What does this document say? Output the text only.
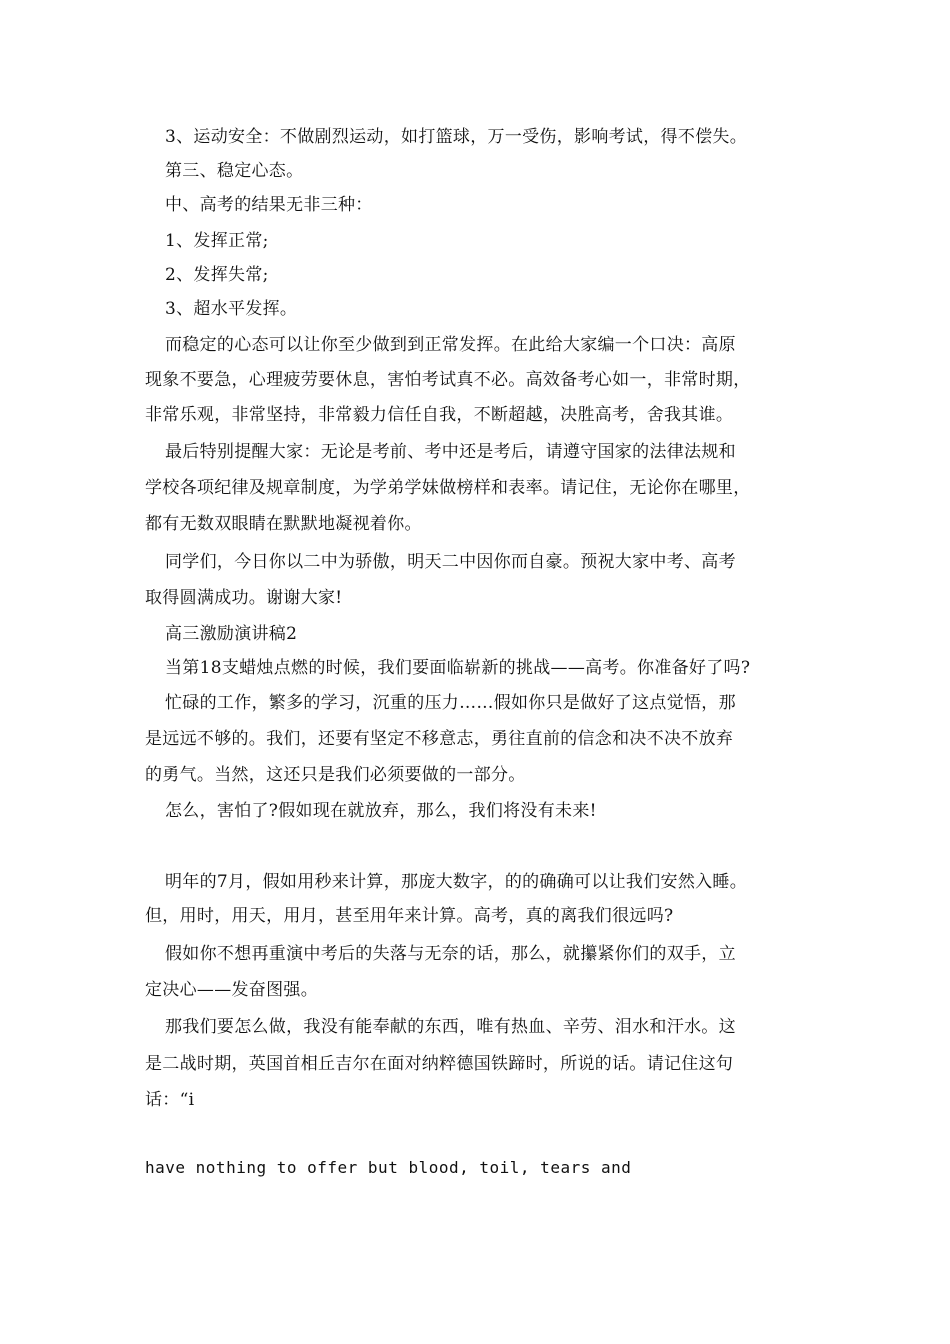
3、运动安全：不做剧烈运动，如打篮球，万一受伤，影响考试，得不偿失。
第三、稳定心态。
中、高考的结果无非三种：
1、发挥正常;
2、发挥失常;
3、超水平发挥。
而稳定的心态可以让你至少做到到正常发挥。在此给大家编一个口决：高原
现象不要急，心理疲劳要休息，害怕考试真不必。高效备考心如一，非常时期，
非常乐观，非常坚持，非常毅力信任自我，不断超越，决胜高考，舍我其谁。
最后特别提醒大家：无论是考前、考中还是考后，请遵守国家的法律法规和
学校各项纪律及规章制度，为学弟学妹做榜样和表率。请记住，无论你在哪里，
都有无数双眼睛在默默地凝视着你。
同学们，今日你以二中为骄傲，明天二中因你而自豪。预祝大家中考、高考
取得圆满成功。谢谢大家!
高三激励演讲稿2
当第18支蜡烛点燃的时候，我们要面临崭新的挑战——高考。你准备好了吗?
忙碌的工作，繁多的学习，沉重的压力……假如你只是做好了这点觉悟，那
是远远不够的。我们，还要有坚定不移意志，勇往直前的信念和决不决不放弃
的勇气。当然，这还只是我们必须要做的一部分。
怎么，害怕了?假如现在就放弃，那么，我们将没有未来!
明年的7月，假如用秒来计算，那庞大数字，的的确确可以让我们安然入睡。
但，用时，用天，用月，甚至用年来计算。高考，真的离我们很远吗?
假如你不想再重演中考后的失落与无奈的话，那么，就攥紧你们的双手，立
定决心——发奋图强。
那我们要怎么做，我没有能奉献的东西，唯有热血、辛劳、泪水和汗水。这
是二战时期，英国首相丘吉尔在面对纳粹德国铁蹄时，所说的话。请记住这句
话：“i
have nothing to offer but blood, toil, tears and
